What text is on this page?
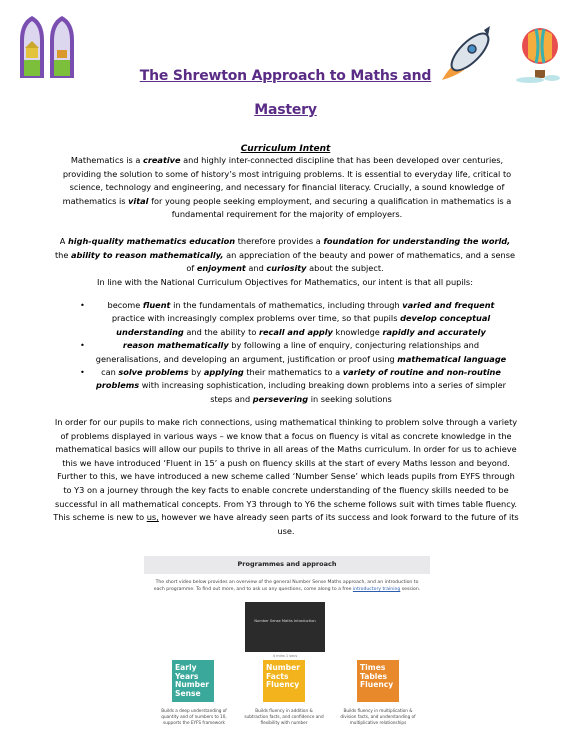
The Shrewton Approach to Maths and
Mastery
Curriculum Intent
Mathematics is a creative and highly inter-connected discipline that has been developed over centuries, providing the solution to some of history’s most intriguing problems. It is essential to everyday life, critical to science, technology and engineering, and necessary for financial literacy. Crucially, a sound knowledge of mathematics is vital for young people seeking employment, and securing a qualification in mathematics is a fundamental requirement for the majority of employers.
A high-quality mathematics education therefore provides a foundation for understanding the world,
the ability to reason mathematically, an appreciation of the beauty and power of mathematics, and a sense of enjoyment and curiosity about the subject.
In line with the National Curriculum Objectives for Mathematics, our intent is that all pupils:
• become fluent in the fundamentals of mathematics, including through varied and frequent practice with increasingly complex problems over time, so that pupils develop conceptual understanding and the ability to recall and apply knowledge rapidly and accurately
• reason mathematically by following a line of enquiry, conjecturing relationships and generalisations, and developing an argument, justification or proof using mathematical language
• can solve problems by applying their mathematics to a variety of routine and non-routine problems with increasing sophistication, including breaking down problems into a series of simpler steps and persevering in seeking solutions
In order for our pupils to make rich connections, using mathematical thinking to problem solve through a variety of problems displayed in various ways – we know that a focus on fluency is vital as concrete knowledge in the mathematical basics will allow our pupils to thrive in all areas of the Maths curriculum. In order for us to achieve this we have introduced ‘Fluent in 15’ a push on fluency skills at the start of every Maths lesson and beyond. Further to this, we have introduced a new scheme called ‘Number Sense’ which leads pupils from EYFS through to Y3 on a journey through the key facts to enable concrete understanding of the fluency skills needed to be successful in all mathematical concepts. From Y3 through to Y6 the scheme follows suit with times table fluency. This scheme is new to us, however we have already seen parts of its success and look forward to the future of its use.
Programmes and approach
The short video below provides an overview of the general Number Sense Maths approach, and an introduction to each programme. To find out more, and to ask us any questions, come along to a free introductory training session.
Number Sense Maths Introduction
4 mins 1 secs
Early Years Number Sense
Number Facts Fluency
Times Tables Fluency
Builds a deep understanding of quantity and of numbers to 10, supports the EYFS framework
Builds fluency in addition & subtraction facts, and confidence and flexibility with number
Builds fluency in multiplication & division facts, and understanding of multiplicative relationships
